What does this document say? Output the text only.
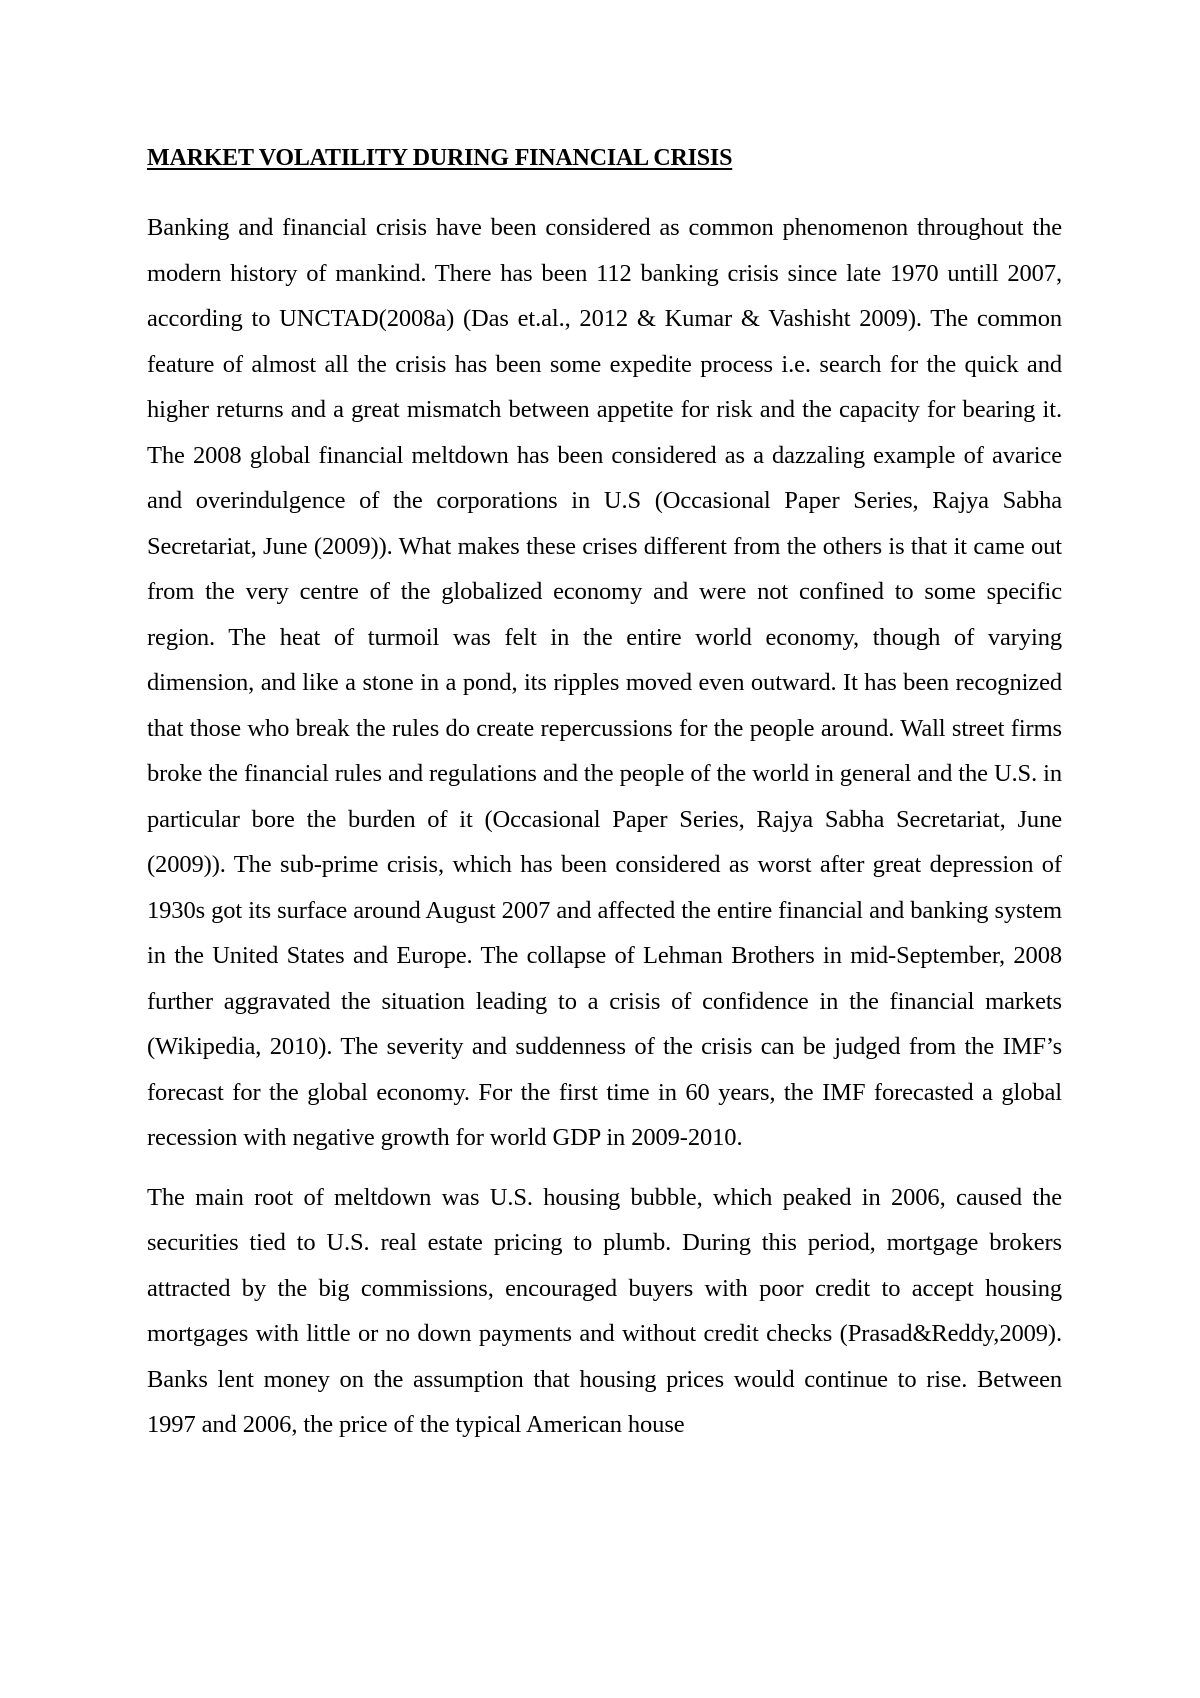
MARKET VOLATILITY DURING FINANCIAL CRISIS

Banking and financial crisis have been considered as common phenomenon throughout the modern history of mankind. There has been 112 banking crisis since late 1970 untill 2007, according to UNCTAD(2008a) (Das et.al., 2012 & Kumar & Vashisht 2009). The common feature of almost all the crisis has been some expedite process i.e. search for the quick and higher returns and a great mismatch between appetite for risk and the capacity for bearing it. The 2008 global financial meltdown has been considered as a dazzaling example of avarice and overindulgence of the corporations in U.S (Occasional Paper Series, Rajya Sabha Secretariat, June (2009)). What makes these crises different from the others is that it came out from the very centre of the globalized economy and were not confined to some specific region. The heat of turmoil was felt in the entire world economy, though of varying dimension, and like a stone in a pond, its ripples moved even outward. It has been recognized that those who break the rules do create repercussions for the people around. Wall street firms broke the financial rules and regulations and the people of the world in general and the U.S. in particular bore the burden of it (Occasional Paper Series, Rajya Sabha Secretariat, June (2009)). The sub-prime crisis, which has been considered as worst after great depression of 1930s got its surface around August 2007 and affected the entire financial and banking system in the United States and Europe. The collapse of Lehman Brothers in mid-September, 2008 further aggravated the situation leading to a crisis of confidence in the financial markets (Wikipedia, 2010). The severity and suddenness of the crisis can be judged from the IMF’s forecast for the global economy. For the first time in 60 years, the IMF forecasted a global recession with negative growth for world GDP in 2009-2010.

The main root of meltdown was U.S. housing bubble, which peaked in 2006, caused the securities tied to U.S. real estate pricing to plumb. During this period, mortgage brokers attracted by the big commissions, encouraged buyers with poor credit to accept housing mortgages with little or no down payments and without credit checks (Prasad&Reddy,2009). Banks lent money on the assumption that housing prices would continue to rise. Between 1997 and 2006, the price of the typical American house
